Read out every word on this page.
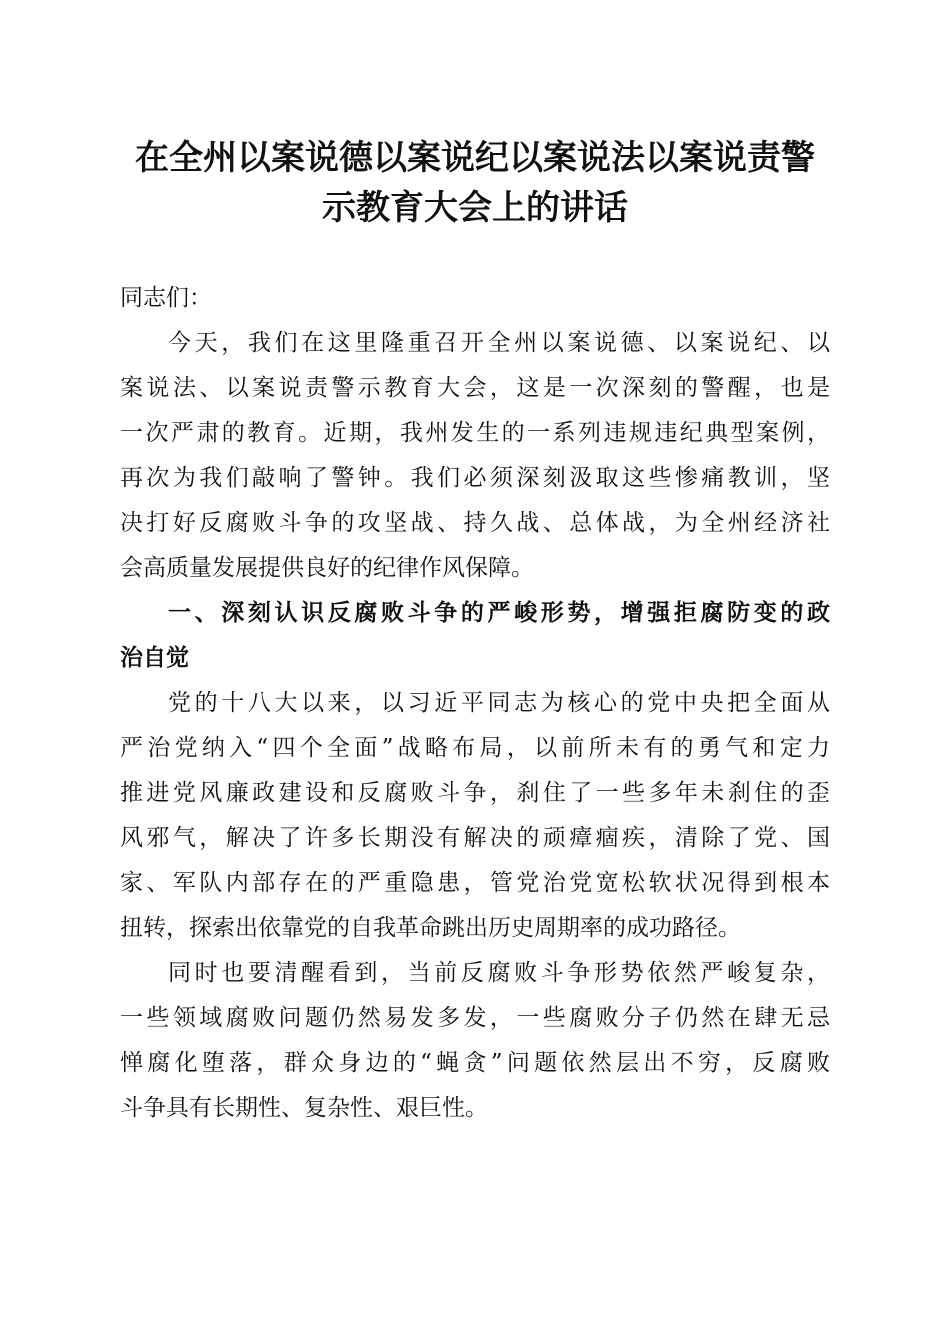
在全州以案说德以案说纪以案说法以案说责警
示教育大会上的讲话
同志们：
今天，我们在这里隆重召开全州以案说德、以案说纪、以
案说法、以案说责警示教育大会，这是一次深刻的警醒，也是
一次严肃的教育。近期，我州发生的一系列违规违纪典型案例，
再次为我们敲响了警钟。我们必须深刻汲取这些惨痛教训，坚
决打好反腐败斗争的攻坚战、持久战、总体战，为全州经济社
会高质量发展提供良好的纪律作风保障。
一、深刻认识反腐败斗争的严峻形势，增强拒腐防变的政
治自觉
党的十八大以来，以习近平同志为核心的党中央把全面从
严治党纳入“四个全面”战略布局，以前所未有的勇气和定力
推进党风廉政建设和反腐败斗争，刹住了一些多年未刹住的歪
风邪气，解决了许多长期没有解决的顽瘴痼疾，清除了党、国
家、军队内部存在的严重隐患，管党治党宽松软状况得到根本
扭转，探索出依靠党的自我革命跳出历史周期率的成功路径。
同时也要清醒看到，当前反腐败斗争形势依然严峻复杂，
一些领域腐败问题仍然易发多发，一些腐败分子仍然在肆无忌
惮腐化堕落，群众身边的“蝇贪”问题依然层出不穷，反腐败
斗争具有长期性、复杂性、艰巨性。
